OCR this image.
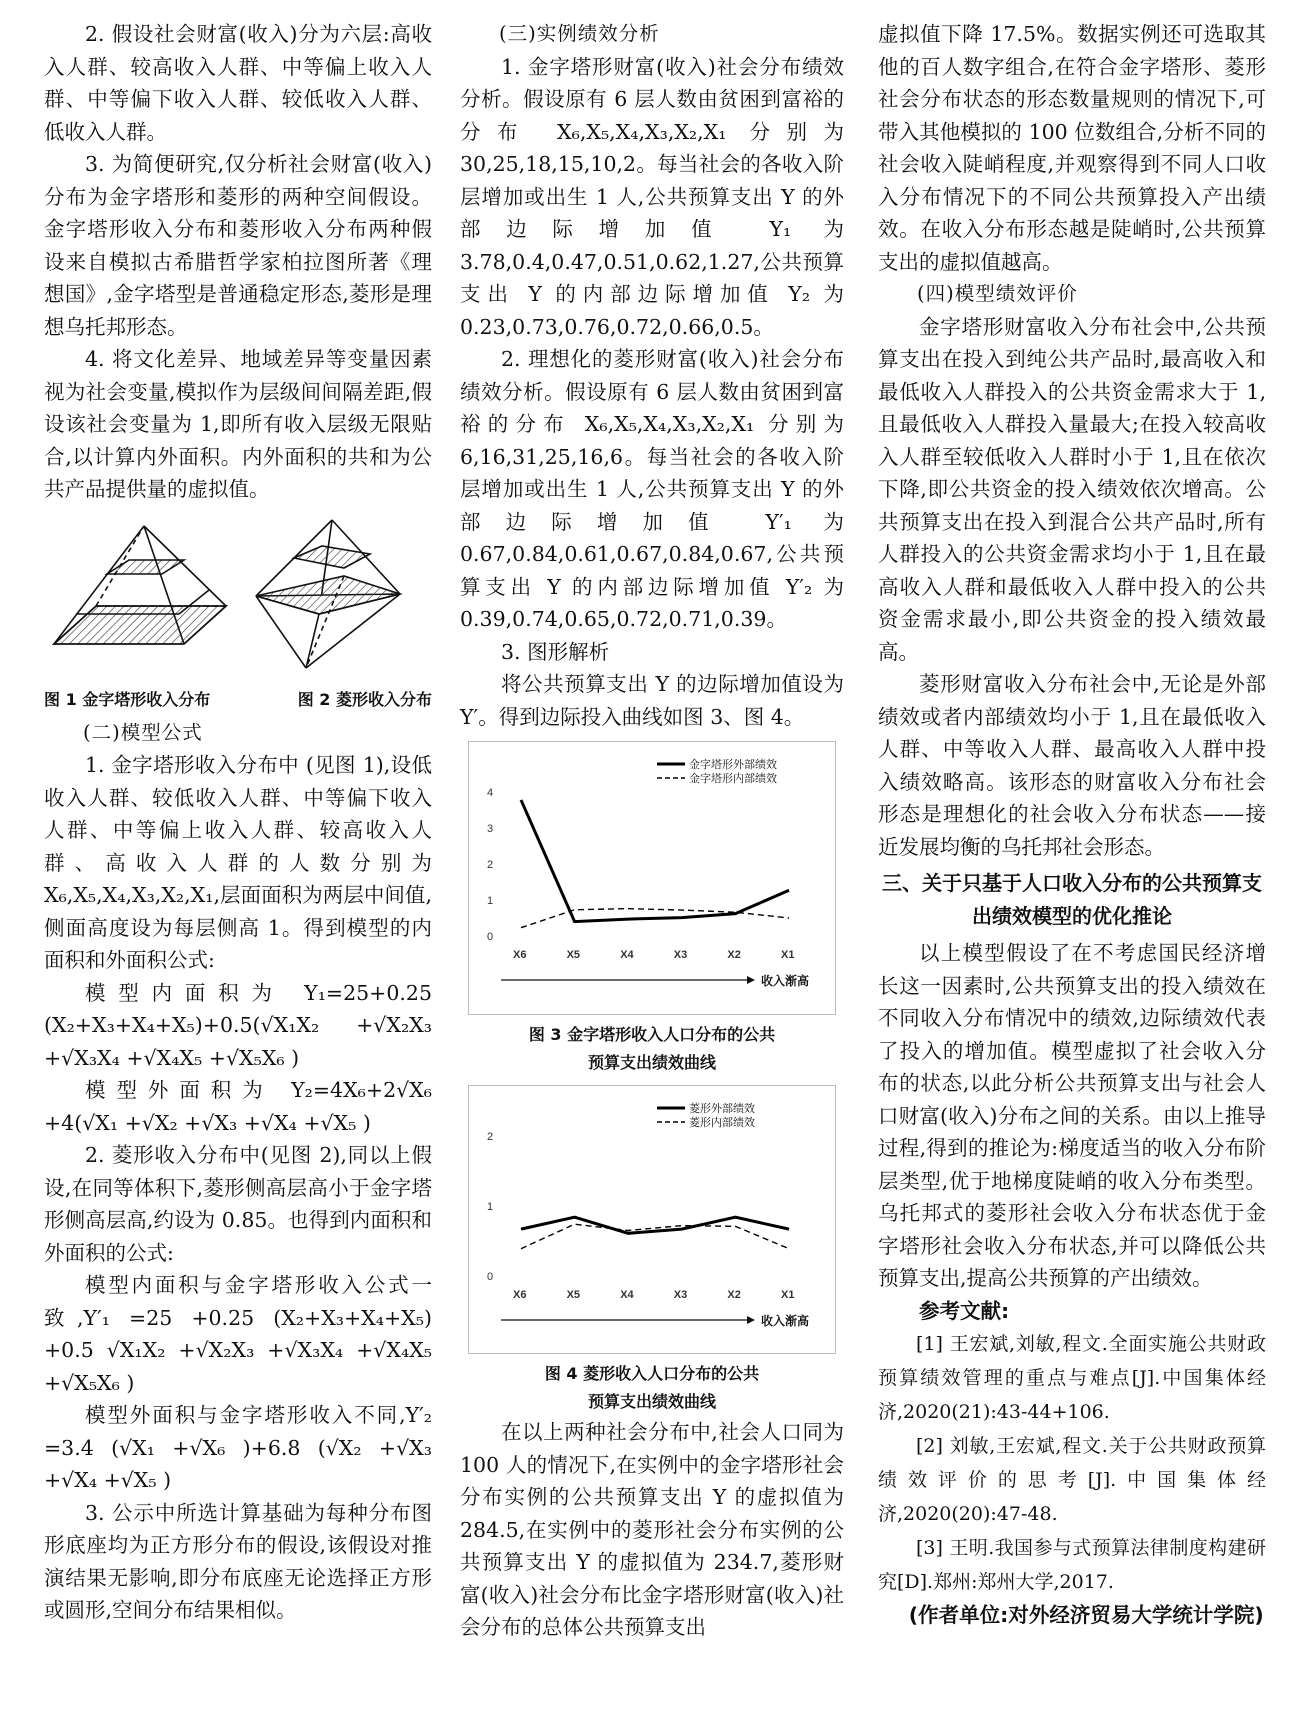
2. 假设社会财富(收入)分为六层:高收入人群、较高收入人群、中等偏上收入人群、中等偏下收入人群、较低收入人群、低收入人群。

3. 为简便研究,仅分析社会财富(收入)分布为金字塔形和菱形的两种空间假设。金字塔形收入分布和菱形收入分布两种假设来自模拟古希腊哲学家柏拉图所著《理想国》,金字塔型是普通稳定形态,菱形是理想乌托邦形态。

4. 将文化差异、地域差异等变量因素视为社会变量,模拟作为层级间间隔差距,假设该社会变量为 1,即所有收入层级无限贴合,以计算内外面积。内外面积的共和为公共产品提供量的虚拟值。

图 1 金字塔形收入分布	图 2 菱形收入分布

(二)模型公式

1. 金字塔形收入分布中 (见图 1),设低收入人群、较低收入人群、中等偏下收入人群、中等偏上收入人群、较高收入人群、高收入人群的人数分别为 X₆,X₅,X₄,X₃,X₂,X₁,层面面积为两层中间值,侧面高度设为每层侧高 1。得到模型的内面积和外面积公式:

模型内面积为 Y₁=25+0.25 (X₂+X₃+X₄+X₅)+0.5(√X₁X₂ +√X₂X₃ +√X₃X₄ +√X₄X₅ +√X₅X₆ )

模型外面积为 Y₂=4X₆+2√X₆ +4(√X₁ +√X₂ +√X₃ +√X₄ +√X₅ )

2. 菱形收入分布中(见图 2),同以上假设,在同等体积下,菱形侧高层高小于金字塔形侧高层高,约设为 0.85。也得到内面积和外面积的公式:

模型内面积与金字塔形收入公式一致,Y′₁ =25 +0.25 (X₂+X₃+X₄+X₅) +0.5 √X₁X₂ +√X₂X₃ +√X₃X₄ +√X₄X₅ +√X₅X₆ )

模型外面积与金字塔形收入不同,Y′₂ =3.4 (√X₁ +√X₆ )+6.8 (√X₂ +√X₃ +√X₄ +√X₅ )

3. 公示中所选计算基础为每种分布图形底座均为正方形分布的假设,该假设对推演结果无影响,即分布底座无论选择正方形或圆形,空间分布结果相似。

(三)实例绩效分析

1. 金字塔形财富(收入)社会分布绩效分析。假设原有 6 层人数由贫困到富裕的分布 X₆,X₅,X₄,X₃,X₂,X₁ 分别为 30,25,18,15,10,2。每当社会的各收入阶层增加或出生 1 人,公共预算支出 Y 的外部边际增加值 Y₁ 为 3.78,0.4,0.47,0.51,0.62,1.27,公共预算支出 Y 的内部边际增加值 Y₂ 为 0.23,0.73,0.76,0.72,0.66,0.5。

2. 理想化的菱形财富(收入)社会分布绩效分析。假设原有 6 层人数由贫困到富裕的分布 X₆,X₅,X₄,X₃,X₂,X₁ 分别为 6,16,31,25,16,6。每当社会的各收入阶层增加或出生 1 人,公共预算支出 Y 的外部边际增加值 Y′₁ 为 0.67,0.84,0.61,0.67,0.84,0.67,公共预算支出 Y 的内部边际增加值 Y′₂ 为 0.39,0.74,0.65,0.72,0.71,0.39。

3. 图形解析

将公共预算支出 Y 的边际增加值设为 Y′。得到边际投入曲线如图 3、图 4。

0
1
2
3
4
X6	X5	X4	X3	X2	X1
金字塔形外部绩效
金字塔形内部绩效
收入渐高
图 3 金字塔形收入人口分布的公共
预算支出绩效曲线
0
1
2
X6	X5	X4	X3	X2	X1
菱形外部绩效
菱形内部绩效
收入渐高
图 4 菱形收入人口分布的公共
预算支出绩效曲线

在以上两种社会分布中,社会人口同为 100 人的情况下,在实例中的金字塔形社会分布实例的公共预算支出 Y 的虚拟值为 284.5,在实例中的菱形社会分布实例的公共预算支出 Y 的虚拟值为 234.7,菱形财富(收入)社会分布比金字塔形财富(收入)社会分布的总体公共预算支出

虚拟值下降 17.5%。数据实例还可选取其他的百人数字组合,在符合金字塔形、菱形社会分布状态的形态数量规则的情况下,可带入其他模拟的 100 位数组合,分析不同的社会收入陡峭程度,并观察得到不同人口收入分布情况下的不同公共预算投入产出绩效。在收入分布形态越是陡峭时,公共预算支出的虚拟值越高。

(四)模型绩效评价

金字塔形财富收入分布社会中,公共预算支出在投入到纯公共产品时,最高收入和最低收入人群投入的公共资金需求大于 1,且最低收入人群投入量最大;在投入较高收入人群至较低收入人群时小于 1,且在依次下降,即公共资金的投入绩效依次增高。公共预算支出在投入到混合公共产品时,所有人群投入的公共资金需求均小于 1,且在最高收入人群和最低收入人群中投入的公共资金需求最小,即公共资金的投入绩效最高。

菱形财富收入分布社会中,无论是外部绩效或者内部绩效均小于 1,且在最低收入人群、中等收入人群、最高收入人群中投入绩效略高。该形态的财富收入分布社会形态是理想化的社会收入分布状态——接近发展均衡的乌托邦社会形态。

三、关于只基于人口收入分布的公共预算支出绩效模型的优化推论

以上模型假设了在不考虑国民经济增长这一因素时,公共预算支出的投入绩效在不同收入分布情况中的绩效,边际绩效代表了投入的增加值。模型虚拟了社会收入分布的状态,以此分析公共预算支出与社会人口财富(收入)分布之间的关系。由以上推导过程,得到的推论为:梯度适当的收入分布阶层类型,优于地梯度陡峭的收入分布类型。乌托邦式的菱形社会收入分布状态优于金字塔形社会收入分布状态,并可以降低公共预算支出,提高公共预算的产出绩效。

参考文献:

[1] 王宏斌,刘敏,程文.全面实施公共财政预算绩效管理的重点与难点[J].中国集体经济,2020(21):43-44+106.

[2] 刘敏,王宏斌,程文.关于公共财政预算绩效评价的思考[J].中国集体经济,2020(20):47-48.

[3] 王明.我国参与式预算法律制度构建研究[D].郑州:郑州大学,2017.

(作者单位:对外经济贸易大学统计学院)
